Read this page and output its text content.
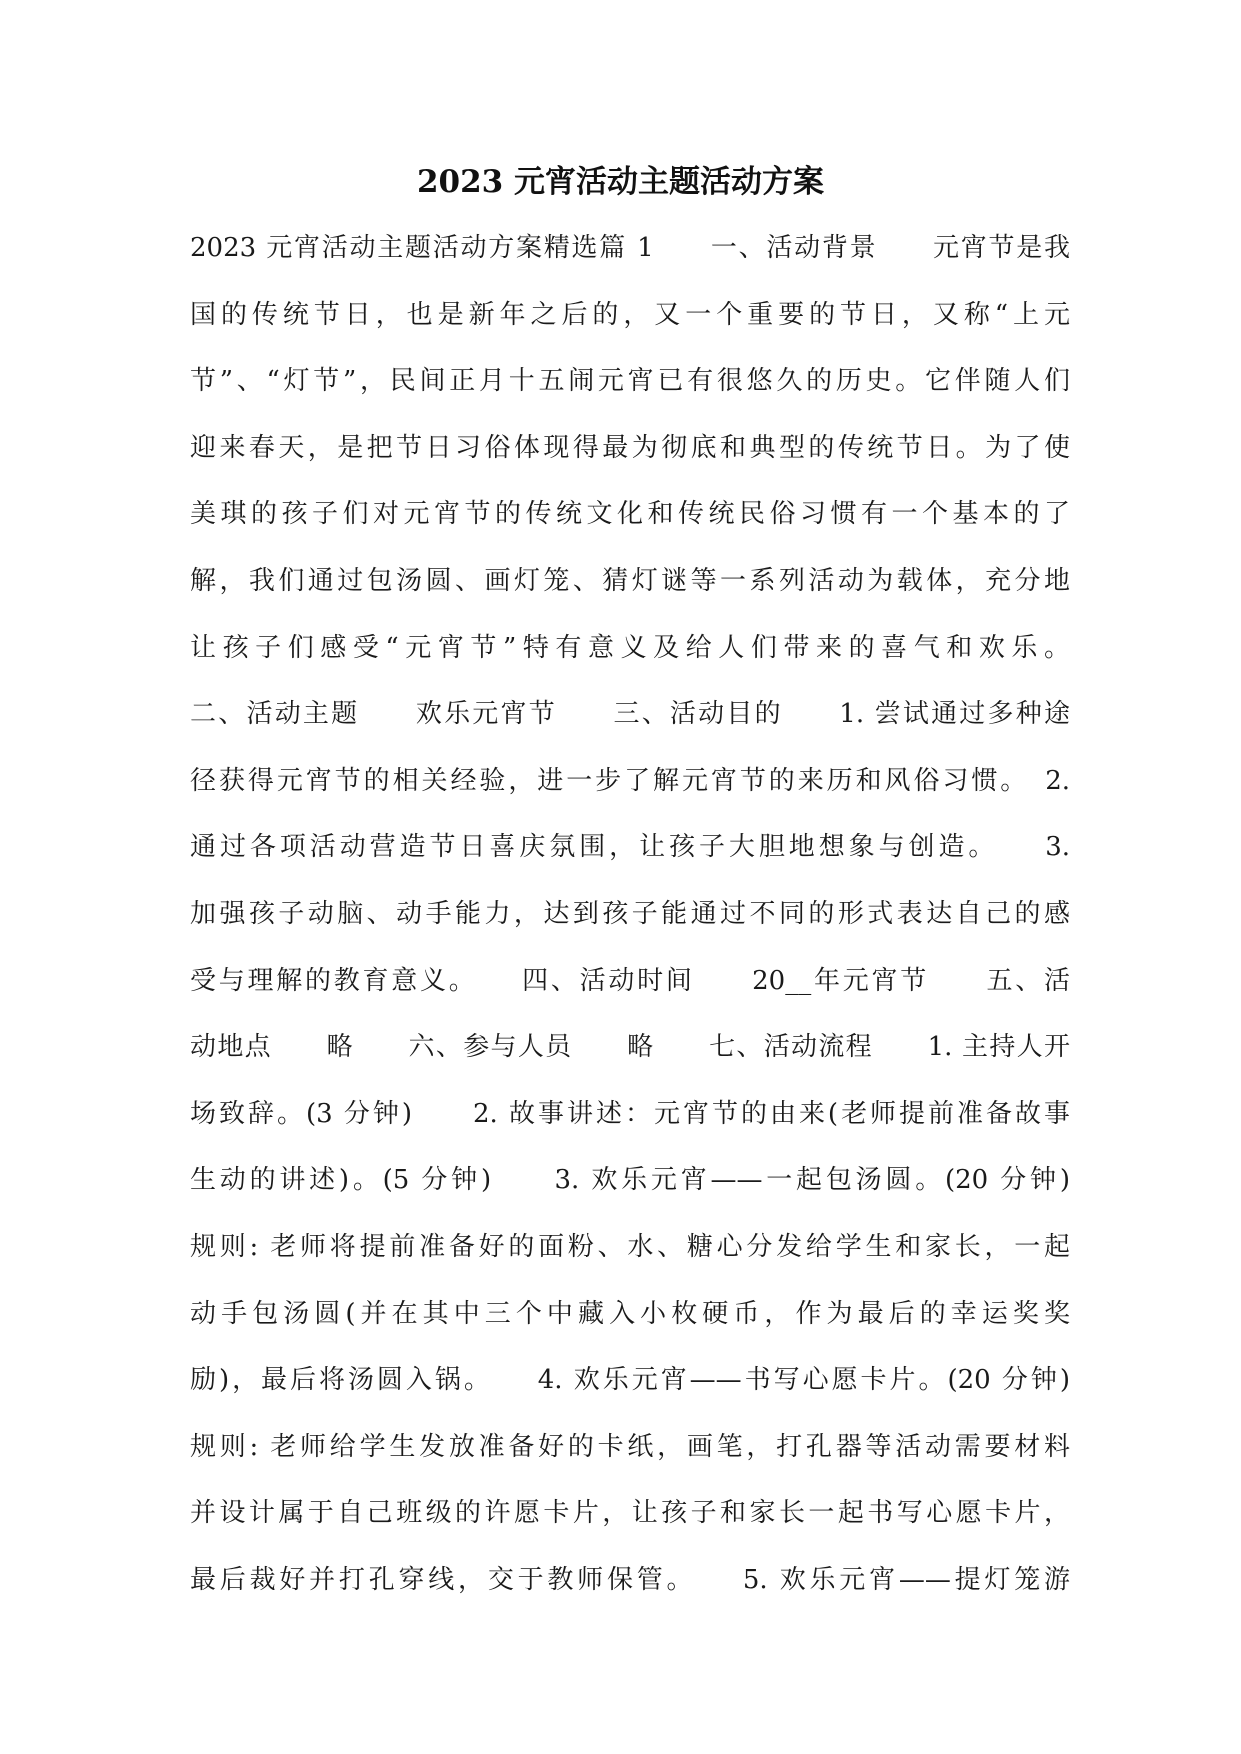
2023 元宵活动主题活动方案
2023 元宵活动主题活动方案精选篇 1　　一、活动背景　　元宵节是我
国的传统节日，也是新年之后的，又一个重要的节日，又称“上元
节”、“灯节”，民间正月十五闹元宵已有很悠久的历史。它伴随人们
迎来春天，是把节日习俗体现得最为彻底和典型的传统节日。为了使
美琪的孩子们对元宵节的传统文化和传统民俗习惯有一个基本的了
解，我们通过包汤圆、画灯笼、猜灯谜等一系列活动为载体，充分地
让孩子们感受“元宵节”特有意义及给人们带来的喜气和欢乐。
二、活动主题　　欢乐元宵节　　三、活动目的　　1. 尝试通过多种途
径获得元宵节的相关经验，进一步了解元宵节的来历和风俗习惯。　2.
通过各项活动营造节日喜庆氛围，让孩子大胆地想象与创造。　　3.
加强孩子动脑、动手能力，达到孩子能通过不同的形式表达自己的感
受与理解的教育意义。　　四、活动时间　　20__年元宵节　　五、活
动地点　　略　　六、参与人员　　略　　七、活动流程　　1. 主持人开
场致辞。(3 分钟)　　2. 故事讲述：元宵节的由来(老师提前准备故事
生动的讲述)。(5 分钟)　　3. 欢乐元宵——一起包汤圆。(20 分钟)
规则: 老师将提前准备好的面粉、水、糖心分发给学生和家长，一起
动手包汤圆(并在其中三个中藏入小枚硬币，作为最后的幸运奖奖
励)，最后将汤圆入锅。　　4. 欢乐元宵——书写心愿卡片。(20 分钟)
规则: 老师给学生发放准备好的卡纸，画笔，打孔器等活动需要材料
并设计属于自己班级的许愿卡片，让孩子和家长一起书写心愿卡片，
最后裁好并打孔穿线，交于教师保管。　　5. 欢乐元宵——提灯笼游
